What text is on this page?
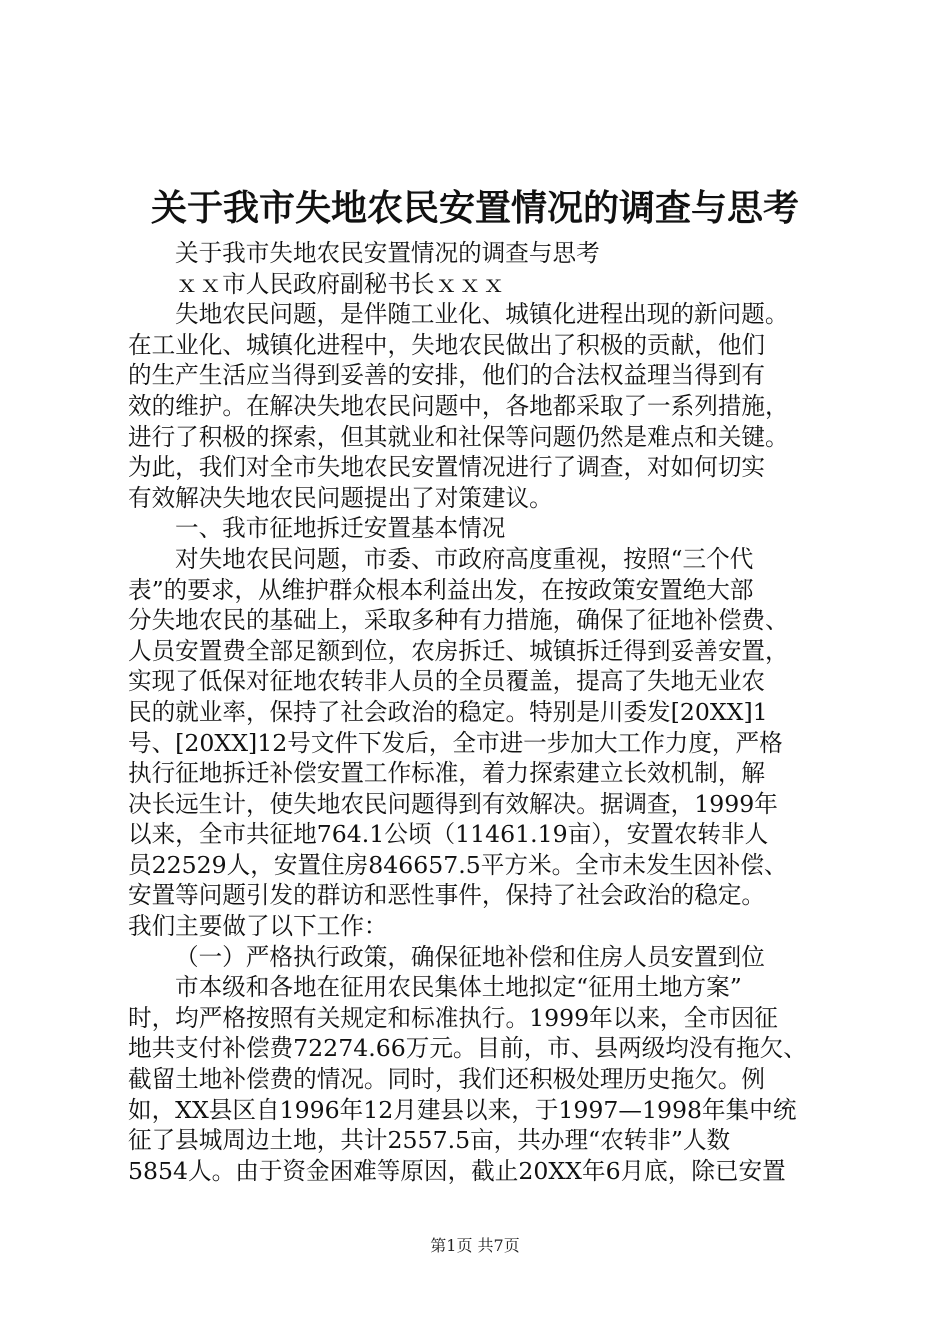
关于我市失地农民安置情况的调查与思考
关于我市失地农民安置情况的调查与思考
ｘｘ市人民政府副秘书长ｘｘｘ
失地农民问题，是伴随工业化、城镇化进程出现的新问题。
在工业化、城镇化进程中，失地农民做出了积极的贡献，他们
的生产生活应当得到妥善的安排，他们的合法权益理当得到有
效的维护。在解决失地农民问题中，各地都采取了一系列措施，
进行了积极的探索，但其就业和社保等问题仍然是难点和关键。
为此，我们对全市失地农民安置情况进行了调查，对如何切实
有效解决失地农民问题提出了对策建议。
一、我市征地拆迁安置基本情况
对失地农民问题，市委、市政府高度重视，按照“三个代
表”的要求，从维护群众根本利益出发，在按政策安置绝大部
分失地农民的基础上，采取多种有力措施，确保了征地补偿费、
人员安置费全部足额到位，农房拆迁、城镇拆迁得到妥善安置，
实现了低保对征地农转非人员的全员覆盖，提高了失地无业农
民的就业率，保持了社会政治的稳定。特别是川委发[20XX]1
号、[20XX]12号文件下发后，全市进一步加大工作力度，严格
执行征地拆迁补偿安置工作标准，着力探索建立长效机制，解
决长远生计，使失地农民问题得到有效解决。据调查，1999年
以来，全市共征地764.1公顷（11461.19亩），安置农转非人
员22529人，安置住房846657.5平方米。全市未发生因补偿、
安置等问题引发的群访和恶性事件，保持了社会政治的稳定。
我们主要做了以下工作：
（一）严格执行政策，确保征地补偿和住房人员安置到位
市本级和各地在征用农民集体土地拟定“征用土地方案”
时，均严格按照有关规定和标准执行。1999年以来，全市因征
地共支付补偿费72274.66万元。目前，市、县两级均没有拖欠、
截留土地补偿费的情况。同时，我们还积极处理历史拖欠。例
如，XX县区自1996年12月建县以来，于1997—1998年集中统
征了县城周边土地，共计2557.5亩，共办理“农转非”人数
5854人。由于资金困难等原因，截止20XX年6月底，除已安置
第1页 共7页
